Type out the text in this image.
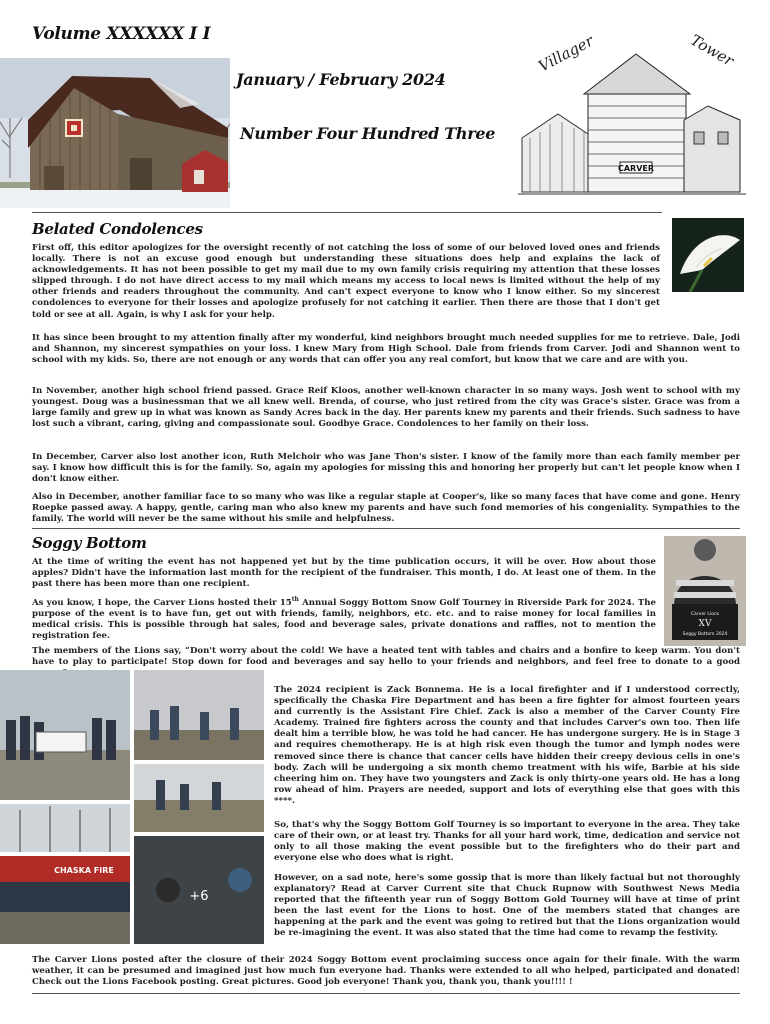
Volume XXXXXX I I
January / February 2024
Number Four Hundred Three
Villager	Tower
CARVER
Belated Condolences

First off, this editor apologizes for the oversight recently of not catching the loss of some of our beloved loved ones and friends locally. There is not an excuse good enough but understanding these situations does help and explains the lack of acknowledgements. It has not been possible to get my mail due to my own family crisis requiring my attention that these losses slipped through. I do not have direct access to my mail which means my access to local news is limited without the help of my other friends and readers throughout the community. And can't expect everyone to know who I know either. So my sincerest condolences to everyone for their losses and apologize profusely for not catching it earlier. Then there are those that I don't get told or see at all. Again, is why I ask for your help.

It has since been brought to my attention finally after my wonderful, kind neighbors brought much needed supplies for me to retrieve. Dale, Jodi and Shannon, my sincerest sympathies on your loss. I knew Mary from High School. Dale from friends from Carver. Jodi and Shannon went to school with my kids. So, there are not enough or any words that can offer you any real comfort, but know that we care and are with you.

In November, another high school friend passed. Grace Reif Kloos, another well-known character in so many ways. Josh went to school with my youngest. Doug was a businessman that we all knew well. Brenda, of course, who just retired from the city was Grace's sister. Grace was from a large family and grew up in what was known as Sandy Acres back in the day. Her parents knew my parents and their friends. Such sadness to have lost such a vibrant, caring, giving and compassionate soul. Goodbye Grace. Condolences to her family on their loss.

In December, Carver also lost another icon, Ruth Melchoir who was Jane Thon's sister. I know of the family more than each family member per say. I know how difficult this is for the family. So, again my apologies for missing this and honoring her properly but can't let people know when I don't know either.

Also in December, another familiar face to so many who was like a regular staple at Cooper's, like so many faces that have come and gone. Henry Roepke passed away. A happy, gentle, caring man who also knew my parents and have such fond memories of his congeniality. Sympathies to the family. The world will never be the same without his smile and helpfulness.

Soggy Bottom
Carver Lions
XV
Soggy Bottom 2024

At the time of writing the event has not happened yet but by the time publication occurs, it will be over. How about those apples? Didn't have the information last month for the recipient of the fundraiser. This month, I do. At least one of them. In the past there has been more than one recipient.

As you know, I hope, the Carver Lions hosted their 15th Annual Soggy Bottom Snow Golf Tourney in Riverside Park for 2024. The purpose of the event is to have fun, get out with friends, family, neighbors, etc. etc. and to raise money for local families in medical crisis. This is possible through hat sales, food and beverage sales, private donations and raffles, not to mention the registration fee.

The members of the Lions say, “Don't worry about the cold! We have a heated tent with tables and chairs and a bonfire to keep warm. You don't have to play to participate! Stop down for food and beverages and say hello to your friends and neighbors, and feel free to donate to a good

CHASKA FIRE
+6

The 2024 recipient is Zack Bonnema. He is a local firefighter and if I understood correctly, specifically the Chaska Fire Department and has been a fire fighter for almost fourteen years and currently is the Assistant Fire Chief. Zack is also a member of the Carver County Fire Academy. Trained fire fighters across the county and that includes Carver's own too. Then life dealt him a terrible blow, he was told he had cancer. He has undergone surgery. He is in Stage 3 and requires chemotherapy. He is at high risk even though the tumor and lymph nodes were removed since there is chance that cancer cells have hidden their creepy devious cells in one's body. Zach will be undergoing a six month chemo treatment with his wife, Barbie at his side cheering him on. They have two youngsters and Zack is only thirty-one years old. He has a long row ahead of him. Prayers are needed, support and lots of everything else that goes with this ****.

So, that's why the Soggy Bottom Golf Tourney is so important to everyone in the area. They take care of their own, or at least try. Thanks for all your hard work, time, dedication and service not only to all those making the event possible but to the firefighters who do their part and everyone else who does what is right.

However, on a sad note, here's some gossip that is more than likely factual but not thoroughly explanatory? Read at Carver Current site that Chuck Rupnow with Southwest News Media reported that the fifteenth year run of Soggy Bottom Gold Tourney will have at time of print been the last event for the Lions to host. One of the members stated that changes are happening at the park and the event was going to retired but that the Lions organization would be re-imagining the event. It was also stated that the time had come to revamp the festivity.

The Carver Lions posted after the closure of their 2024 Soggy Bottom event proclaiming success once again for their finale. With the warm weather, it can be presumed and imagined just how much fun everyone had. Thanks were extended to all who helped, participated and donated! Check out the Lions Facebook posting. Great pictures. Good job everyone! Thank you, thank you, thank you!!!! !
